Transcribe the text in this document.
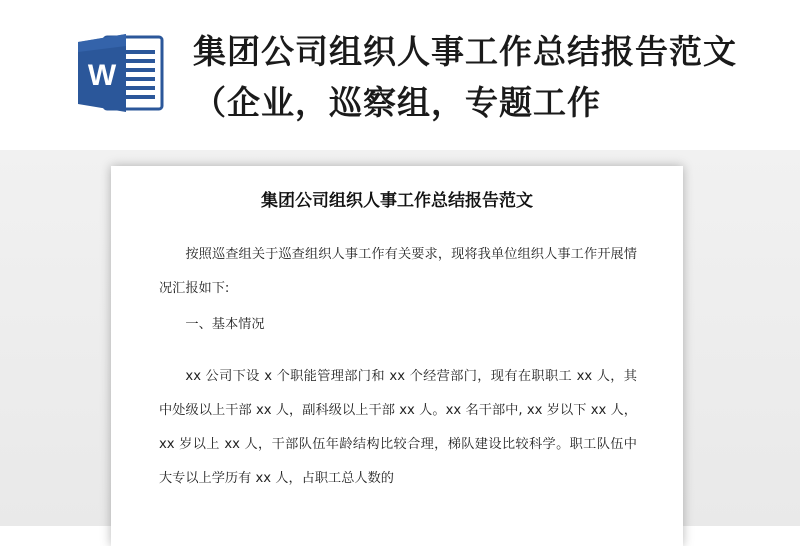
W
集团公司组织人事工作总结报告范文（企业，巡察组，专题工作
集团公司组织人事工作总结报告范文

按照巡查组关于巡查组织人事工作有关要求，现将我单位组织人事工作开展情况汇报如下:

一、基本情况

xx 公司下设 x 个职能管理部门和 xx 个经营部门，现有在职职工 xx 人，其中处级以上干部 xx 人，副科级以上干部 xx 人。xx 名干部中, xx 岁以下 xx 人，xx 岁以上 xx 人，干部队伍年龄结构比较合理，梯队建设比较科学。职工队伍中大专以上学历有 xx 人，占职工总人数的
